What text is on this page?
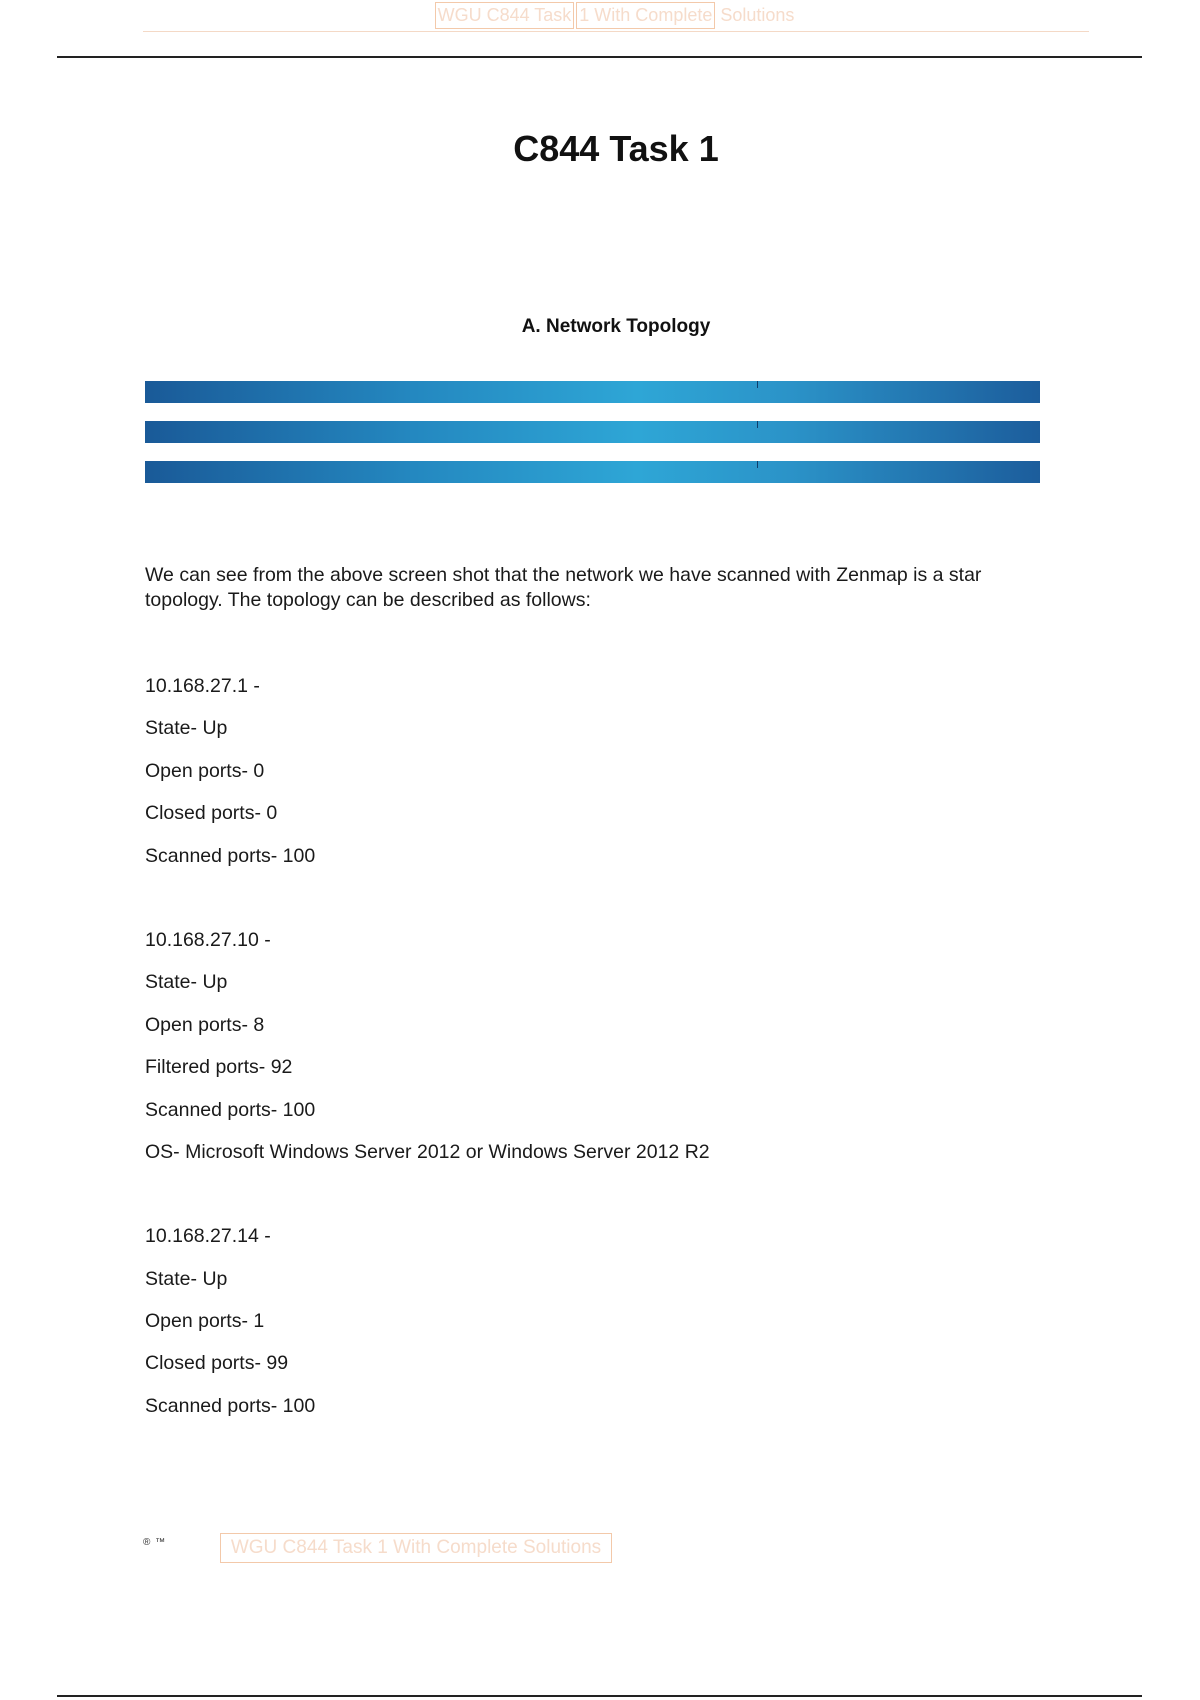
WGU C844 Task 1 With Complete Solutions
C844 Task 1
A. Network Topology
We can see from the above screen shot that the network we have scanned with Zenmap is a star topology. The topology can be described as follows:
10.168.27.1 -
State- Up
Open ports- 0
Closed ports- 0
Scanned ports- 100
10.168.27.10 -
State- Up
Open ports- 8
Filtered ports- 92
Scanned ports- 100
OS- Microsoft Windows Server 2012 or Windows Server 2012 R2
10.168.27.14 -
State- Up
Open ports- 1
Closed ports- 99
Scanned ports- 100
® ™	WGU C844 Task 1 With Complete Solutions
